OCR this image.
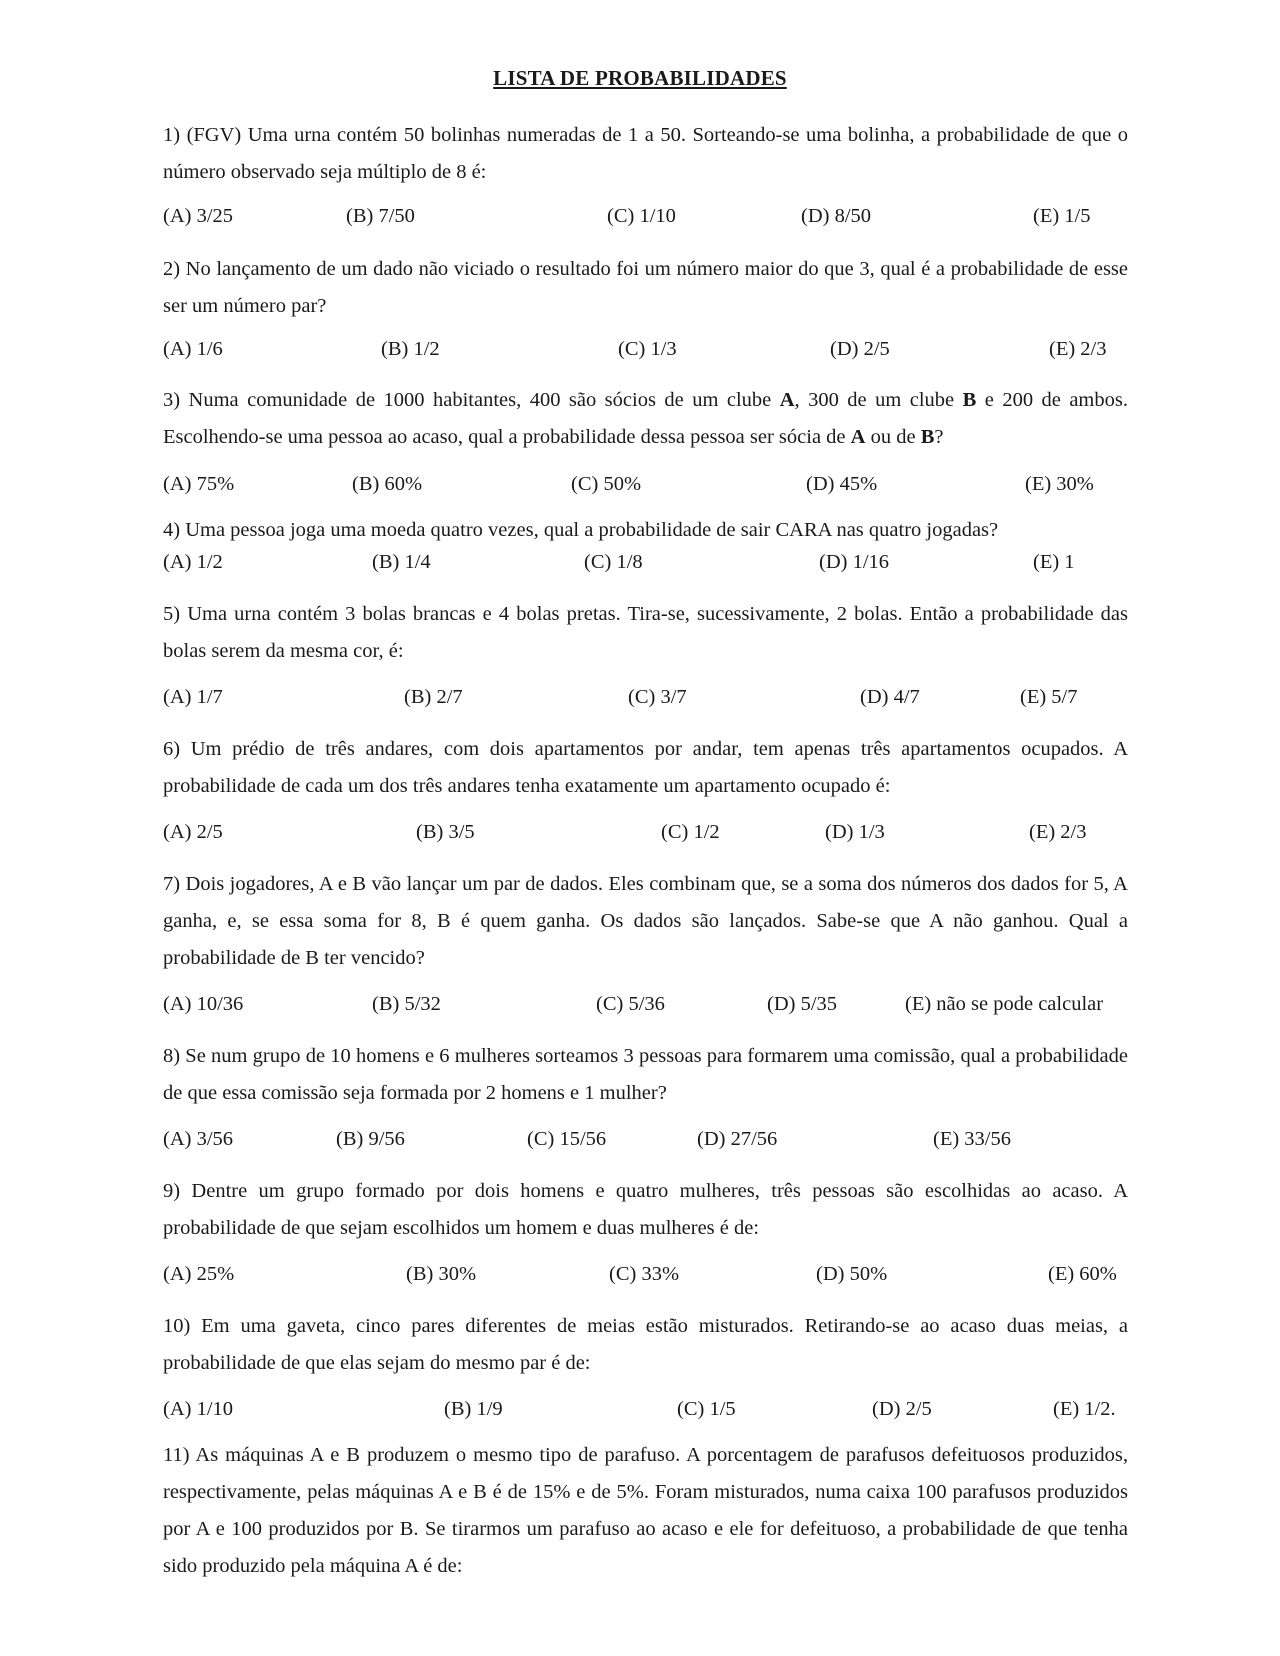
LISTA DE PROBABILIDADES
1) (FGV) Uma urna contém 50 bolinhas numeradas de 1 a 50. Sorteando-se uma bolinha, a probabilidade de que o número observado seja múltiplo de 8 é:
(A) 3/25	(B) 7/50	(C) 1/10	(D) 8/50	(E) 1/5
2) No lançamento de um dado não viciado o resultado foi um número maior do que 3, qual é a probabilidade de esse ser um número par?
(A) 1/6	(B) 1/2	(C) 1/3	(D) 2/5	(E) 2/3
3) Numa comunidade de 1000 habitantes, 400 são sócios de um clube A, 300 de um clube B e 200 de ambos. Escolhendo-se uma pessoa ao acaso, qual a probabilidade dessa pessoa ser sócia de A ou de B?
(A) 75%	(B) 60%	(C) 50%	(D) 45%	(E) 30%
4) Uma pessoa joga uma moeda quatro vezes, qual a probabilidade de sair CARA nas quatro jogadas?
(A) 1/2	(B) 1/4	(C) 1/8	(D) 1/16	(E) 1
5) Uma urna contém 3 bolas brancas e 4 bolas pretas. Tira-se, sucessivamente, 2 bolas. Então a probabilidade das bolas serem da mesma cor, é:
(A) 1/7	(B) 2/7	(C) 3/7	(D) 4/7	(E) 5/7
6) Um prédio de três andares, com dois apartamentos por andar, tem apenas três apartamentos ocupados. A probabilidade de cada um dos três andares tenha exatamente um apartamento ocupado é:
(A) 2/5	(B) 3/5	(C) 1/2	(D) 1/3	(E) 2/3
7) Dois jogadores, A e B vão lançar um par de dados. Eles combinam que, se a soma dos números dos dados for 5, A ganha, e, se essa soma for 8, B é quem ganha. Os dados são lançados. Sabe-se que A não ganhou. Qual a probabilidade de B ter vencido?
(A) 10/36	(B) 5/32	(C) 5/36	(D) 5/35	(E) não se pode calcular
8) Se num grupo de 10 homens e 6 mulheres sorteamos 3 pessoas para formarem uma comissão, qual a probabilidade de que essa comissão seja formada por 2 homens e 1 mulher?
(A) 3/56	(B) 9/56	(C) 15/56	(D) 27/56	(E) 33/56
9) Dentre um grupo formado por dois homens e quatro mulheres, três pessoas são escolhidas ao acaso. A probabilidade de que sejam escolhidos um homem e duas mulheres é de:
(A) 25%	(B) 30%	(C) 33%	(D) 50%	(E) 60%
10) Em uma gaveta, cinco pares diferentes de meias estão misturados. Retirando-se ao acaso duas meias, a probabilidade de que elas sejam do mesmo par é de:
(A) 1/10	(B) 1/9	(C) 1/5	(D) 2/5	(E) 1/2.
11) As máquinas A e B produzem o mesmo tipo de parafuso. A porcentagem de parafusos defeituosos produzidos, respectivamente, pelas máquinas A e B é de 15% e de 5%. Foram misturados, numa caixa 100 parafusos produzidos por A e 100 produzidos por B. Se tirarmos um parafuso ao acaso e ele for defeituoso, a probabilidade de que tenha sido produzido pela máquina A é de:
